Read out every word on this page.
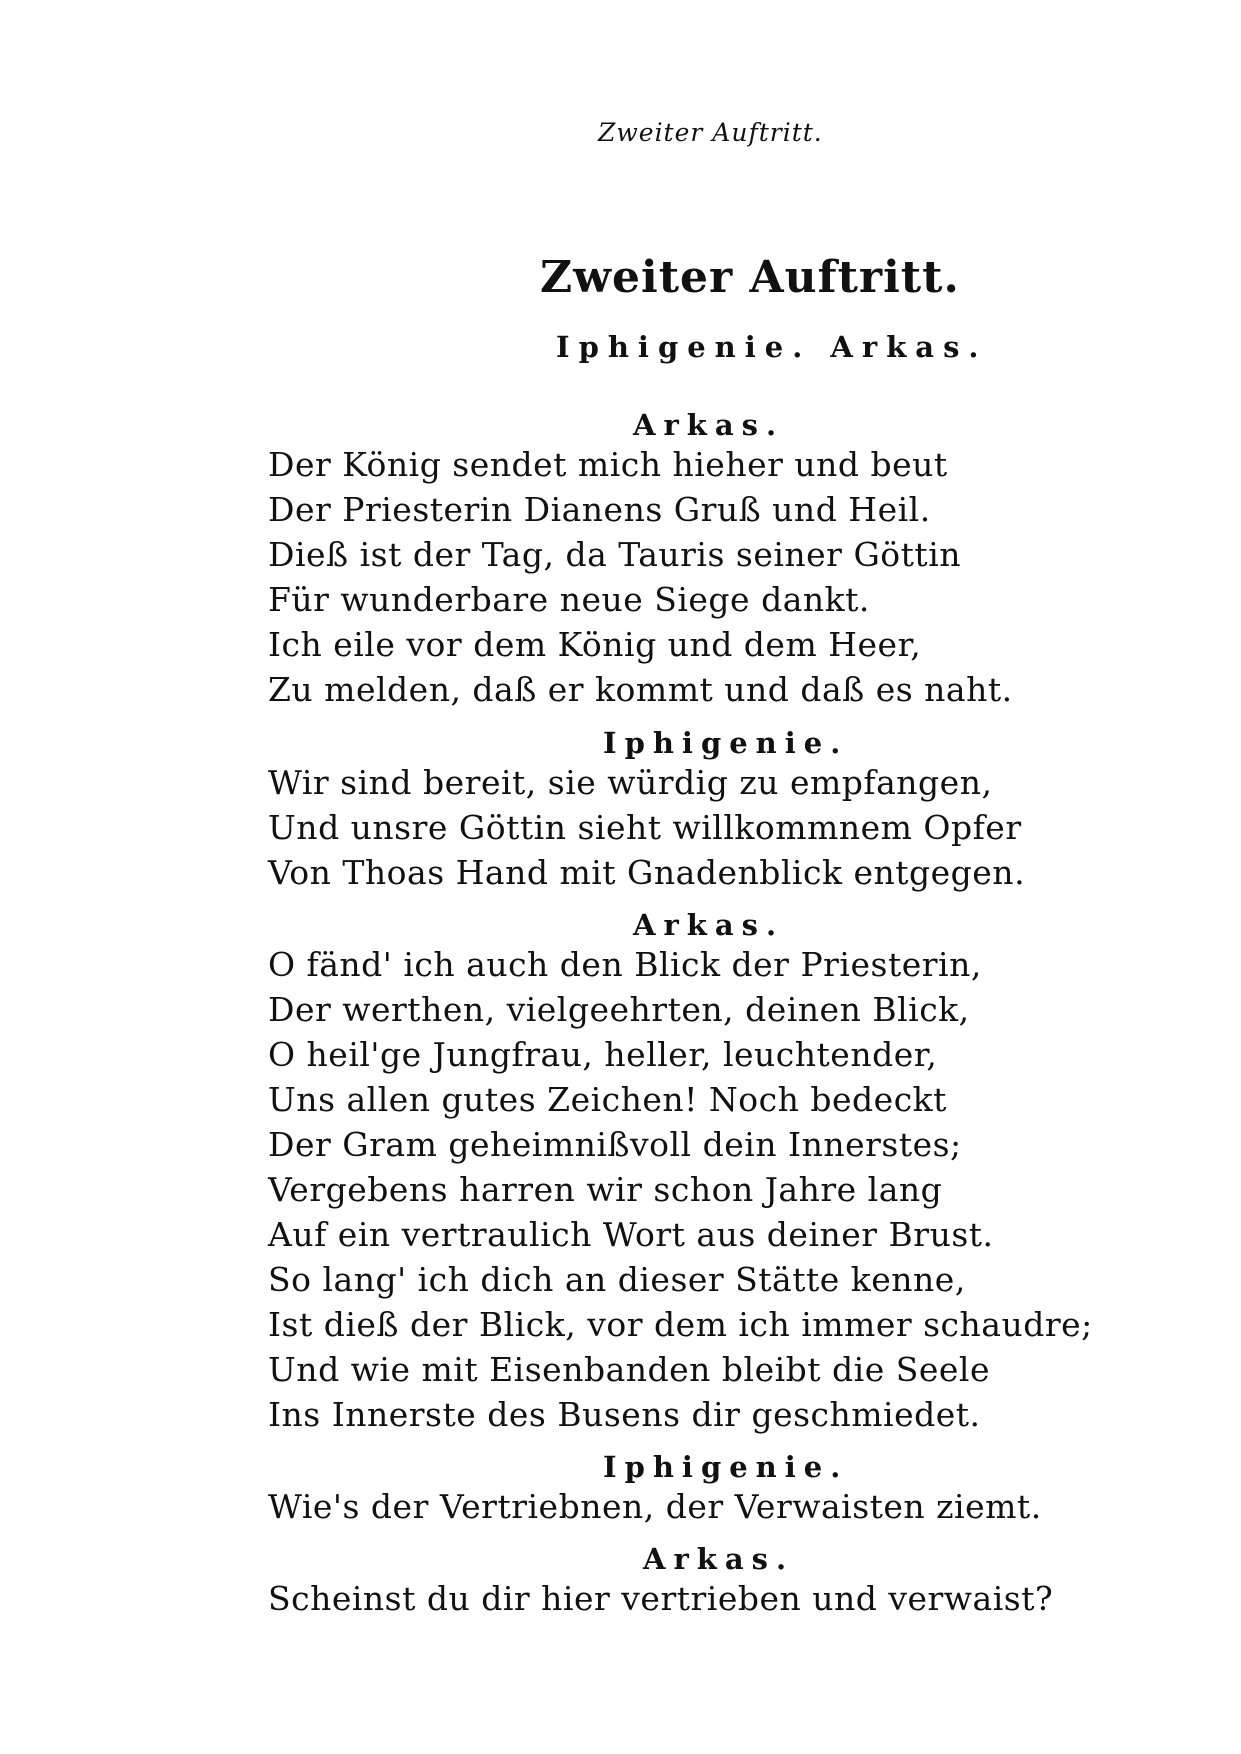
Zweiter Auftritt.
Zweiter Auftritt.
Iphigenie. Arkas.
Arkas.
Der König sendet mich hieher und beut
Der Priesterin Dianens Gruß und Heil.
Dieß ist der Tag, da Tauris seiner Göttin
Für wunderbare neue Siege dankt.
Ich eile vor dem König und dem Heer,
Zu melden, daß er kommt und daß es naht.
Iphigenie.
Wir sind bereit, sie würdig zu empfangen,
Und unsre Göttin sieht willkommnem Opfer
Von Thoas Hand mit Gnadenblick entgegen.
Arkas.
O fänd' ich auch den Blick der Priesterin,
Der werthen, vielgeehrten, deinen Blick,
O heil'ge Jungfrau, heller, leuchtender,
Uns allen gutes Zeichen! Noch bedeckt
Der Gram geheimnißvoll dein Innerstes;
Vergebens harren wir schon Jahre lang
Auf ein vertraulich Wort aus deiner Brust.
So lang' ich dich an dieser Stätte kenne,
Ist dieß der Blick, vor dem ich immer schaudre;
Und wie mit Eisenbanden bleibt die Seele
Ins Innerste des Busens dir geschmiedet.
Iphigenie.
Wie's der Vertriebnen, der Verwaisten ziemt.
Arkas.
Scheinst du dir hier vertrieben und verwaist?
